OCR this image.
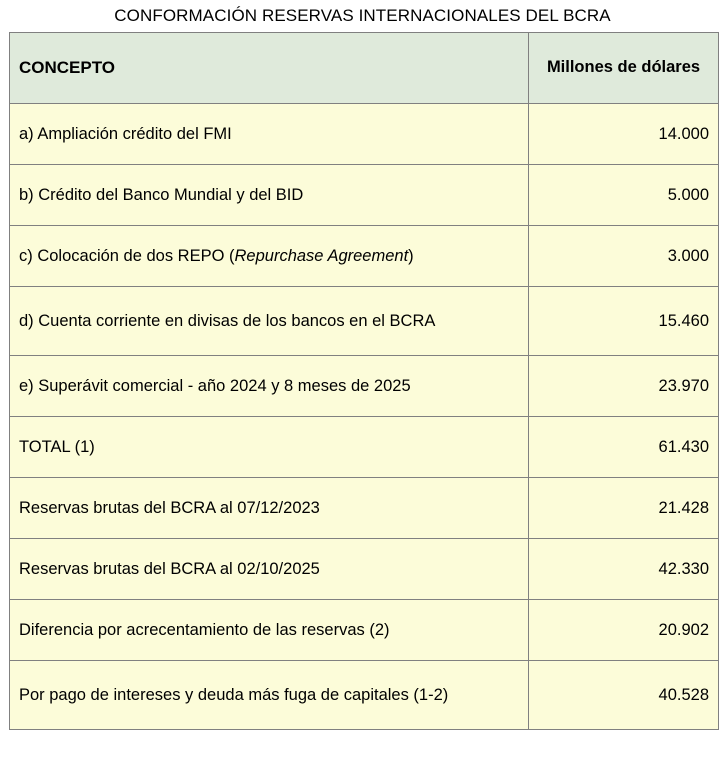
CONFORMACIÓN RESERVAS INTERNACIONALES DEL BCRA
CONCEPTO	Millones de dólares
a) Ampliación crédito del FMI	14.000
b) Crédito del Banco Mundial y del BID	5.000
c) Colocación de dos REPO (Repurchase Agreement)	3.000
d) Cuenta corriente en divisas de los bancos en el BCRA	15.460
e) Superávit comercial - año 2024 y 8 meses de 2025	23.970
TOTAL (1)	61.430
Reservas brutas del BCRA al 07/12/2023	21.428
Reservas brutas del BCRA al 02/10/2025	42.330
Diferencia por acrecentamiento de las reservas (2)	20.902
Por pago de intereses y deuda más fuga de capitales (1-2)	40.528
